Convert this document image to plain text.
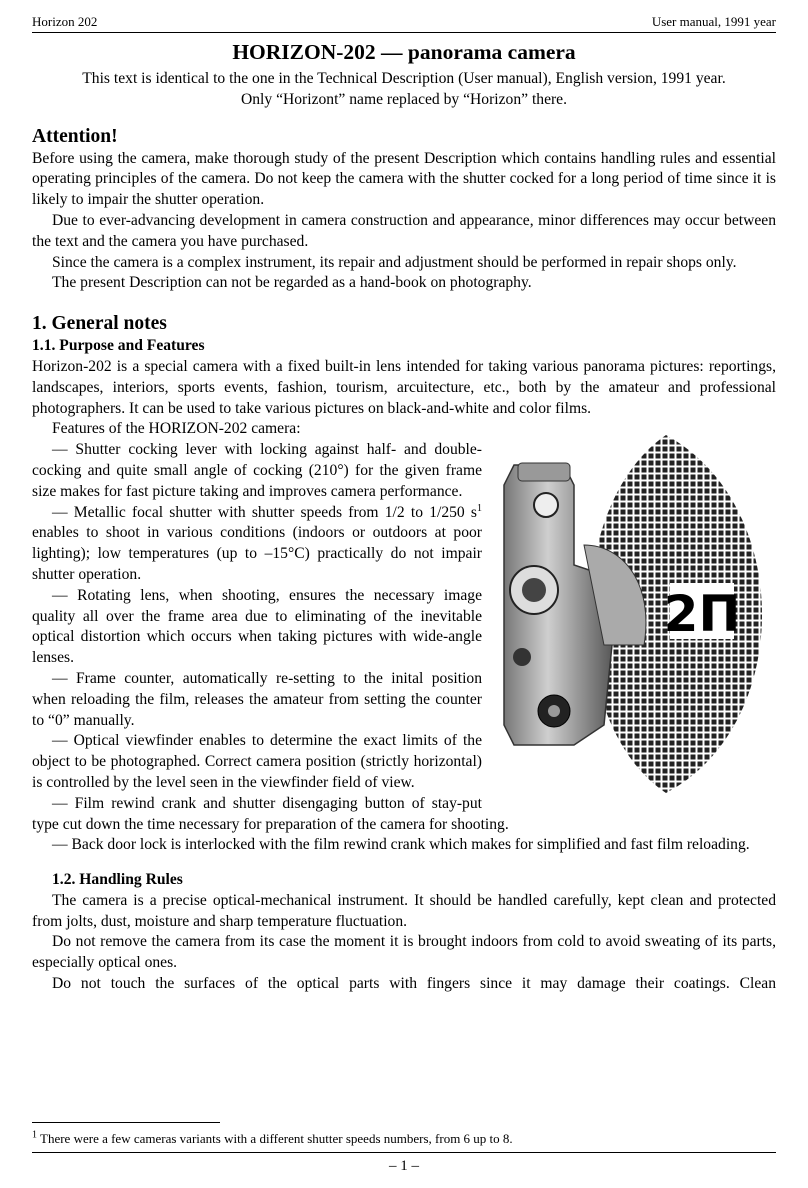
Horizon 202	User manual, 1991 year
HORIZON-202 — panorama camera

This text is identical to the one in the Technical Description (User manual), English version, 1991 year. Only “Horizont” name replaced by “Horizon” there.

Attention!

Before using the camera, make thorough study of the present Description which contains handling rules and essential operating principles of the camera. Do not keep the camera with the shutter cocked for a long period of time since it is likely to impair the shutter operation.

Due to ever-advancing development in camera construction and appearance, minor differences may occur between the text and the camera you have purchased.

Since the camera is a complex instrument, its repair and adjustment should be performed in repair shops only.

The present Description can not be regarded as a hand-book on photography.

1. General notes
1.1. Purpose and Features

Horizon-202 is a special camera with a fixed built-in lens intended for taking various panorama pictures: reportings, landscapes, interiors, sports events, fashion, tourism, arcuitecture, etc., both by the amateur and professional photographers. It can be used to take various pictures on black-and-white and color films.

2Π

Features of the HORIZON-202 camera:

— Shutter cocking lever with locking against half- and double-cocking and quite small angle of cocking (210°) for the given frame size makes for fast picture taking and improves camera performance.

— Metallic focal shutter with shutter speeds from 1/2 to 1/250 $s^1$ enables to shoot in various conditions (indoors or outdoors at poor lighting); low temperatures (up to –15°C) practically do not impair shutter operation.

— Rotating lens, when shooting, ensures the necessary image quality all over the frame area due to eliminating of the inevitable optical distortion which occurs when taking pictures with wide-angle lenses.

— Frame counter, automatically re-setting to the inital position when reloading the film, releases the amateur from setting the counter to “0” manually.

— Optical viewfinder enables to determine the exact limits of the object to be photographed. Correct camera position (strictly horizontal) is controlled by the level seen in the viewfinder field of view.

— Film rewind crank and shutter disengaging button of stay-put type cut down the time necessary for preparation of the camera for shooting.

— Back door lock is interlocked with the film rewind crank which makes for simplified and fast film reloading.

1.2. Handling Rules

The camera is a precise optical-mechanical instrument. It should be handled carefully, kept clean and protected from jolts, dust, moisture and sharp temperature fluctuation.

Do not remove the camera from its case the moment it is brought indoors from cold to avoid sweating of its parts, especially optical ones.

Do not touch the surfaces of the optical parts with fingers since it may damage their coatings. Clean

$^1$ There were a few cameras variants with a different shutter speeds numbers, from 6 up to 8.
– 1 –
